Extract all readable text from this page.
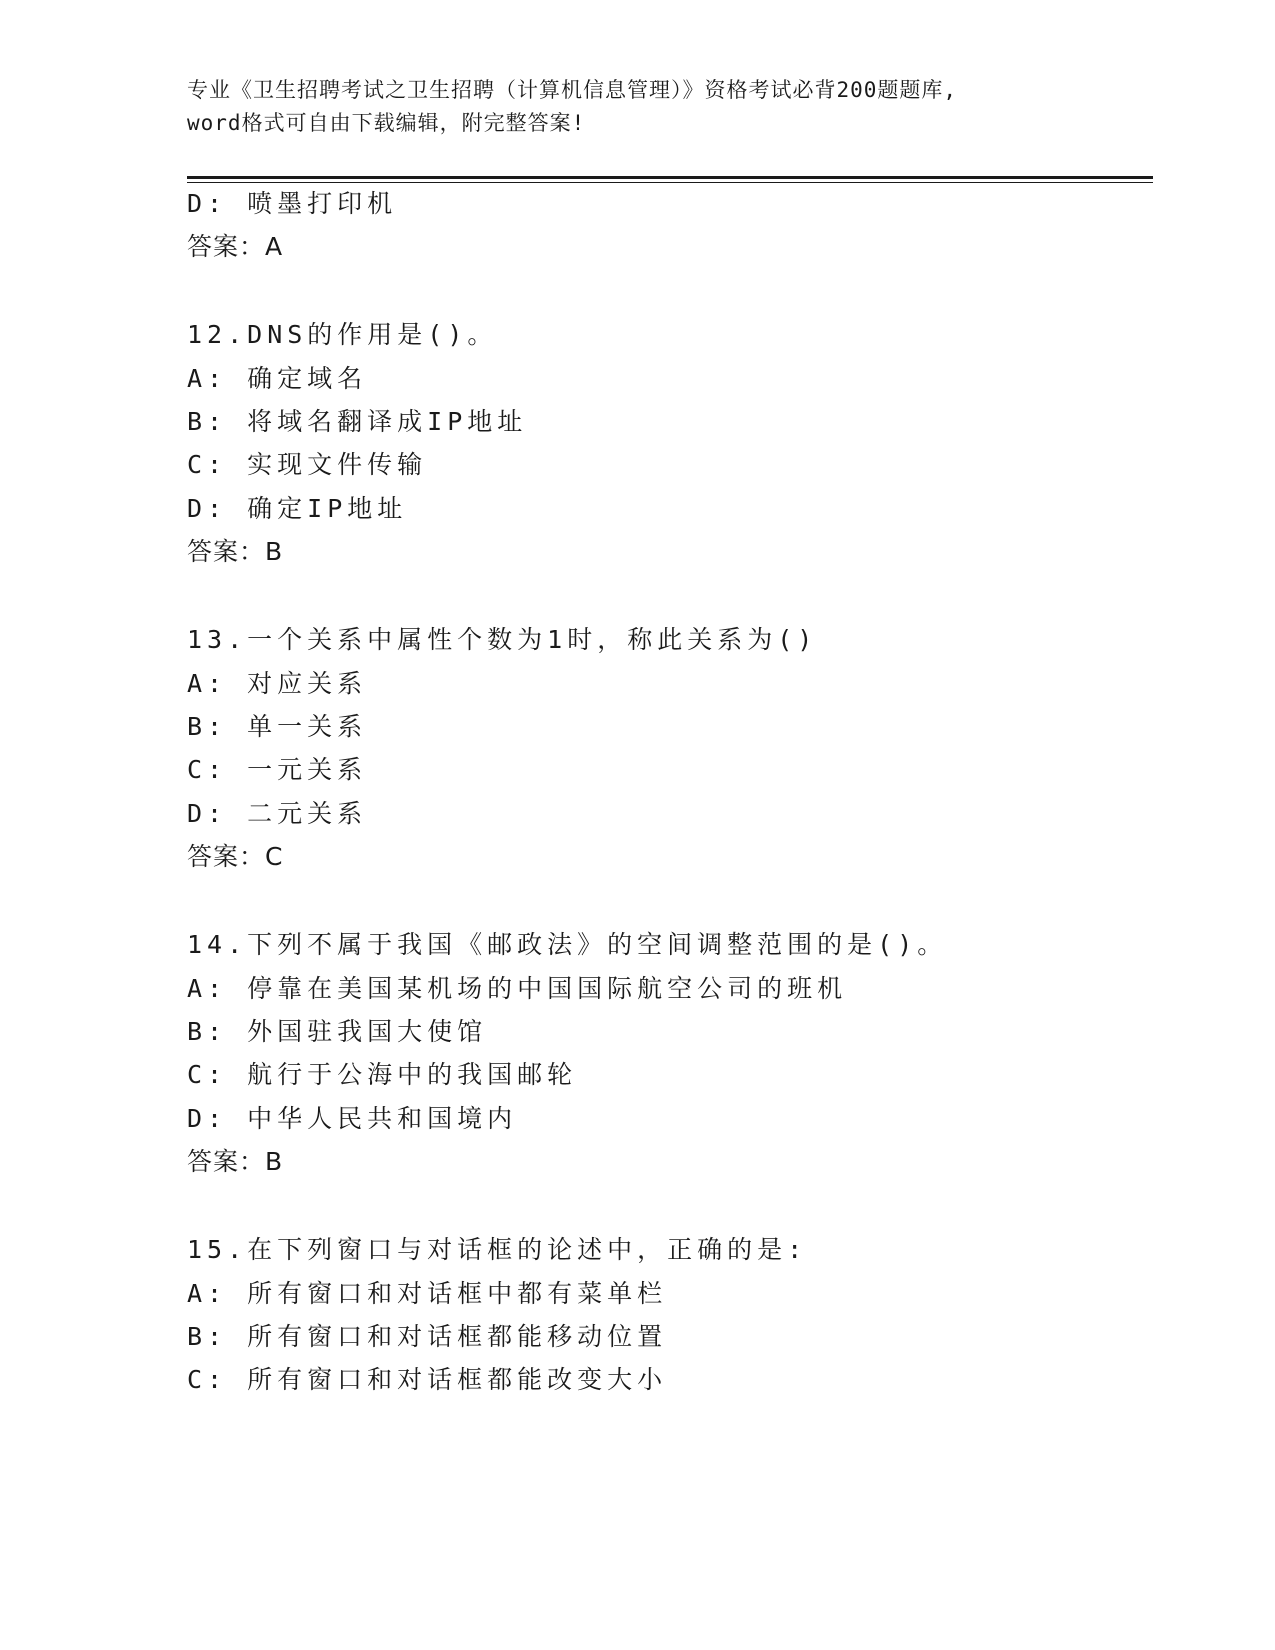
专业《卫生招聘考试之卫生招聘（计算机信息管理）》资格考试必背200题题库,
word格式可自由下载编辑，附完整答案!
D: 喷墨打印机
答案：A
12.DNS的作用是()。
A: 确定域名
B: 将域名翻译成IP地址
C: 实现文件传输
D: 确定IP地址
答案：B
13.一个关系中属性个数为1时，称此关系为()
A: 对应关系
B: 单一关系
C: 一元关系
D: 二元关系
答案：C
14.下列不属于我国《邮政法》的空间调整范围的是()。
A: 停靠在美国某机场的中国国际航空公司的班机
B: 外国驻我国大使馆
C: 航行于公海中的我国邮轮
D: 中华人民共和国境内
答案：B
15.在下列窗口与对话框的论述中，正确的是:
A: 所有窗口和对话框中都有菜单栏
B: 所有窗口和对话框都能移动位置
C: 所有窗口和对话框都能改变大小
